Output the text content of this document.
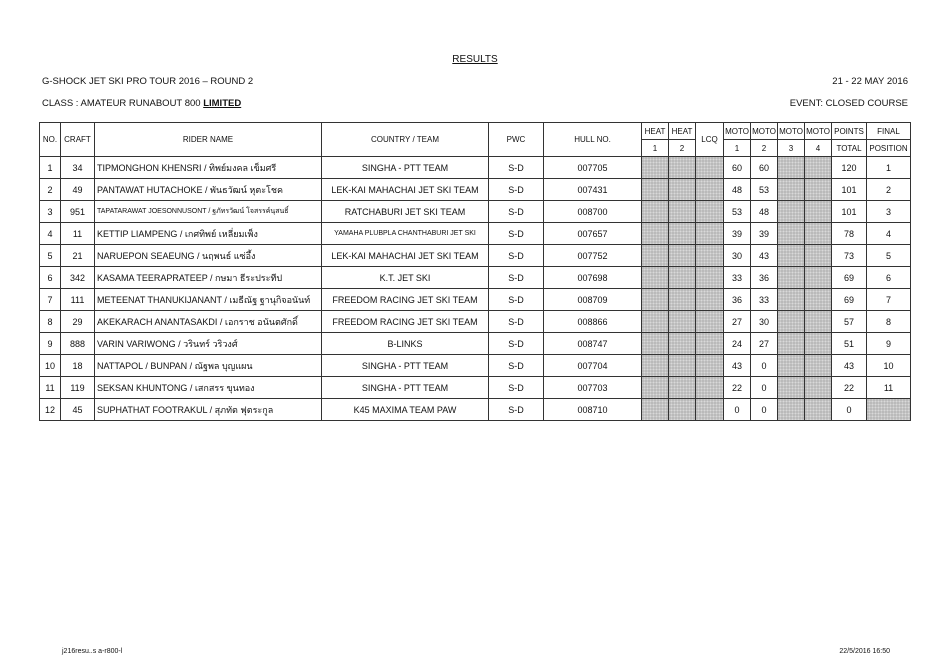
RESULTS
G-SHOCK JET SKI PRO TOUR 2016 – ROUND 2	21 - 22 MAY 2016
CLASS : AMATEUR RUNABOUT 800 LIMITED	EVENT: CLOSED COURSE
NO.	CRAFT	RIDER NAME	COUNTRY / TEAM	PWC	HULL NO.	HEAT	HEAT	LCQ	MOTO	MOTO	MOTO	MOTO	POINTS	FINAL
						1	2		1	2	3	4	TOTAL	POSITION
1	34	TIPMONGHON KHENSRI / ทิพย์มงคล เข็มศรี	SINGHA - PTT TEAM	S-D	007705				60	60			120	1
2	49	PANTAWAT HUTACHOKE / พันธวัฒน์ หุตะโชค	LEK-KAI MAHACHAI JET SKI TEAM	S-D	007431				48	53			101	2
3	951	TAPATARAWAT JOESONNUSONT / ฐภัทรวัฒน์ โจสรรค์นุสนธิ์	RATCHABURI JET SKI TEAM	S-D	008700				53	48			101	3
4	11	KETTIP LIAMPENG / เกศทิพย์ เหลี่ยมเพ็ง	YAMAHA PLUBPLA CHANTHABURI JET SKI	S-D	007657				39	39			78	4
5	21	NARUEPON SEAEUNG / นฤพนธ์ แซ่อึ้ง	LEK-KAI MAHACHAI JET SKI TEAM	S-D	007752				30	43			73	5
6	342	KASAMA TEERAPRATEEP / กษมา ธีระประทีป	K.T. JET SKI	S-D	007698				33	36			69	6
7	111	METEENAT THANUKIJANANT / เมธีณัฐ ฐานุกิจอนันท์	FREEDOM RACING JET SKI TEAM	S-D	008709				36	33			69	7
8	29	AKEKARACH ANANTASAKDI / เอกราช อนันตศักดิ์	FREEDOM RACING JET SKI TEAM	S-D	008866				27	30			57	8
9	888	VARIN VARIWONG / วรินทร์ วริวงศ์	B-LINKS	S-D	008747				24	27			51	9
10	18	NATTAPOL / BUNPAN / ณัฐพล บุญแผน	SINGHA - PTT TEAM	S-D	007704				43	0			43	10
11	119	SEKSAN KHUNTONG / เสกสรร ขุนทอง	SINGHA - PTT TEAM	S-D	007703				22	0			22	11
12	45	SUPHATHAT FOOTRAKUL / สุภทัต ฟุตระกูล	K45 MAXIMA TEAM PAW	S-D	008710				0	0			0	
j216resu..s a-r800-l	22/5/2016 16:50
